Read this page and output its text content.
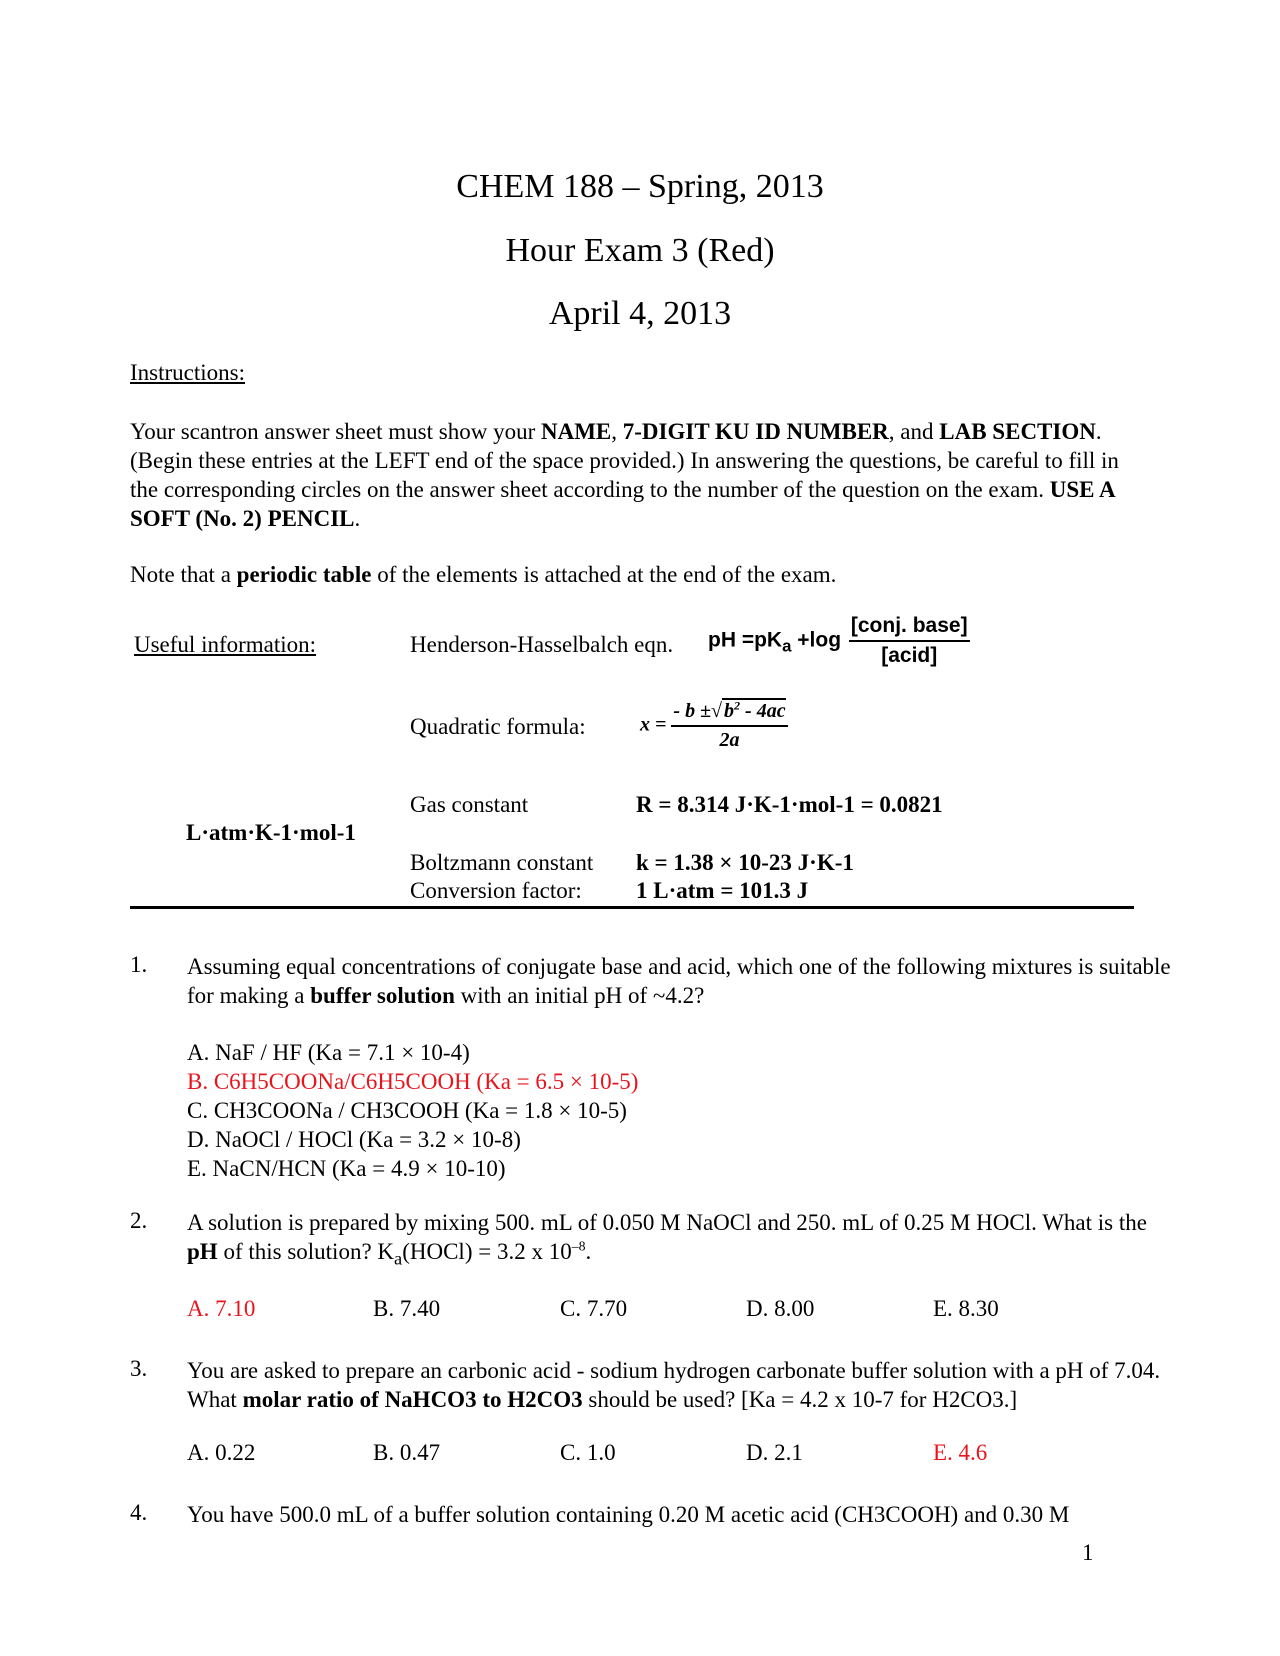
CHEM 188 – Spring, 2013
Hour Exam 3 (Red)
April 4, 2013
Instructions:
Your scantron answer sheet must show your NAME, 7-DIGIT KU ID NUMBER, and LAB SECTION. (Begin these entries at the LEFT end of the space provided.) In answering the questions, be careful to fill in the corresponding circles on the answer sheet according to the number of the question on the exam. USE A SOFT (No. 2) PENCIL.
Note that a periodic table of the elements is attached at the end of the exam.
Useful information:	Henderson-Hasselbalch eqn. pH $=pK_a +\log \frac{\text{[conj. base]}}{\text{[acid]}}$
Quadratic formula:	$x = \frac{- b \pm√ b^2 - 4ac}{2a}$
Gas constant	R = 8.314 J·K-1·mol-1 = 0.0821
L·atm·K-1·mol-1
Boltzmann constant k = 1.38 × 10-23 J·K-1
Conversion factor: 1 L·atm = 101.3 J
1. Assuming equal concentrations of conjugate base and acid, which one of the following mixtures is suitable for making a buffer solution with an initial pH of ~4.2?
A. NaF / HF (Ka = 7.1 × 10-4)
B. C6H5COONa/C6H5COOH (Ka = 6.5 × 10-5)
C. CH3COONa / CH3COOH (Ka = 1.8 × 10-5)
D. NaOCl / HOCl (Ka = 3.2 × 10-8)
E. NaCN/HCN (Ka = 4.9 × 10-10)
2. A solution is prepared by mixing 500. mL of 0.050 M NaOCl and 250. mL of 0.25 M HOCl. What is the pH of this solution? $K_a(HOCl) = 3.2$ x $10^{-8}$.
A. 7.10	B. 7.40	C. 7.70	D. 8.00	E. 8.30
3. You are asked to prepare an carbonic acid - sodium hydrogen carbonate buffer solution with a pH of 7.04. What molar ratio of NaHCO3 to H2CO3 should be used? [Ka = 4.2 x 10-7 for H2CO3.]
A. 0.22	B. 0.47	C. 1.0	D. 2.1	E. 4.6
4. You have 500.0 mL of a buffer solution containing 0.20 M acetic acid (CH3COOH) and 0.30 M
1
